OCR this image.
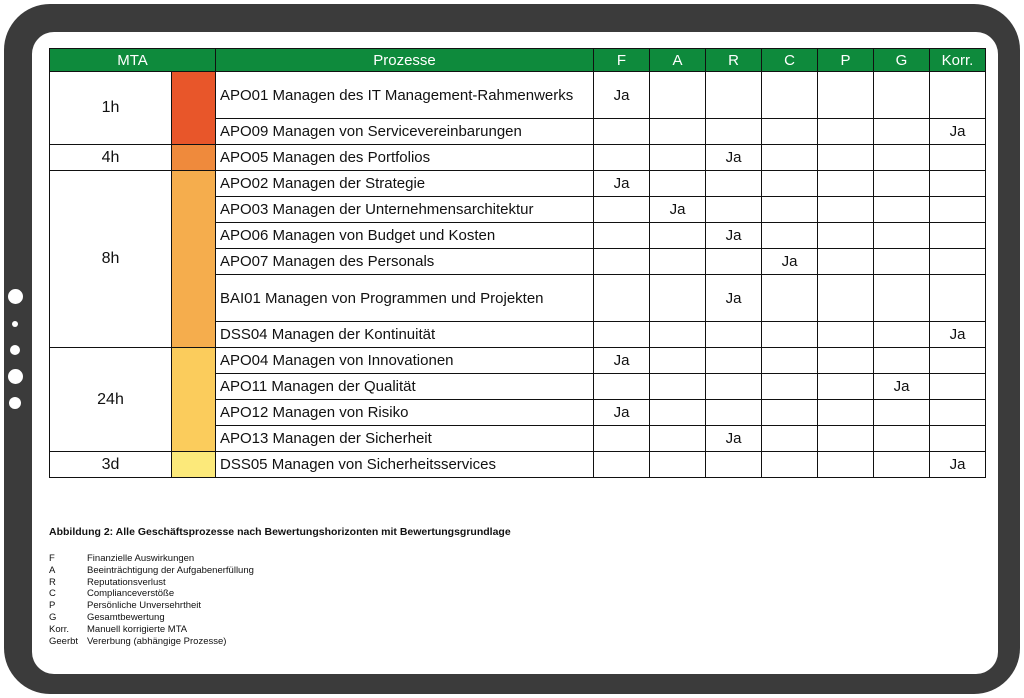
MTA		Prozesse	F	A	R	C	P	G	Korr.
1h		APO01 Managen des IT Management-Rahmenwerks	Ja						
		APO09 Managen von Servicevereinbarungen							Ja
4h		APO05 Managen des Portfolios			Ja				
8h		APO02 Managen der Strategie	Ja						
		APO03 Managen der Unternehmensarchitektur		Ja					
		APO06 Managen von Budget und Kosten			Ja				
		APO07 Managen des Personals				Ja			
		BAI01 Managen von Programmen und Projekten			Ja				
		DSS04 Managen der Kontinuität							Ja
24h		APO04 Managen von Innovationen	Ja						
		APO11 Managen der Qualität						Ja	
		APO12 Managen von Risiko	Ja						
		APO13 Managen der Sicherheit			Ja				
3d		DSS05 Managen von Sicherheitsservices							Ja
Abbildung 2: Alle Geschäftsprozesse nach Bewertungshorizonten mit Bewertungsgrundlage
F	Finanzielle Auswirkungen
A	Beeinträchtigung der Aufgabenerfüllung
R	Reputationsverlust
C	Complianceverstöße
P	Persönliche Unversehrtheit
G	Gesamtbewertung
Korr.	Manuell korrigierte MTA
Geerbt Vererbung (abhängige Prozesse)
